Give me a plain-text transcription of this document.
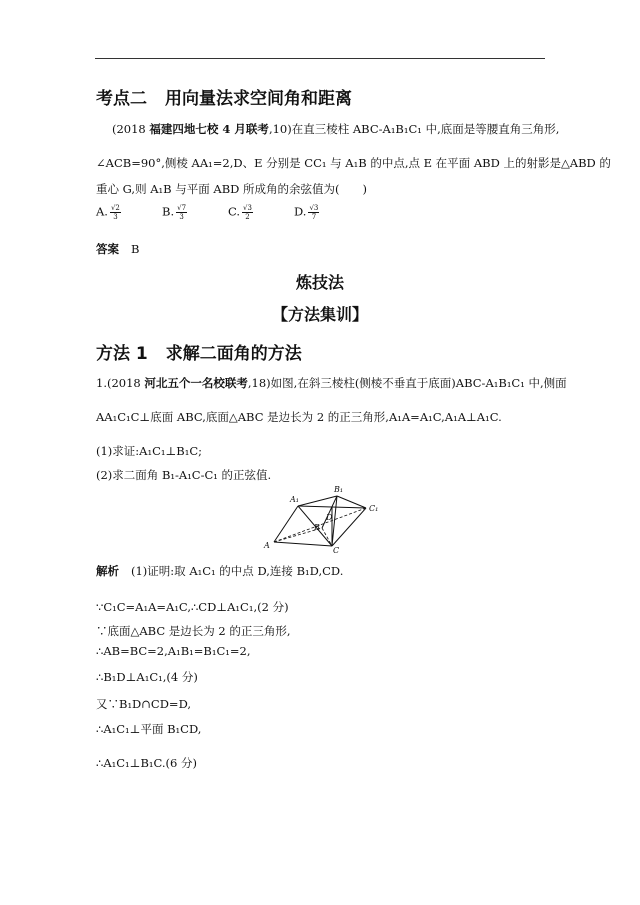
考点二 用向量法求空间角和距离
(2018 福建四地七校 4 月联考,10)在直三棱柱 ABC-A₁B₁C₁ 中,底面是等腰直角三角形,
∠ACB=90°,侧棱 AA₁=2,D、E 分别是 CC₁ 与 A₁B 的中点,点 E 在平面 ABD 上的射影是△ABD 的
重心 G,则 A₁B 与平面 ABD 所成角的余弦值为(　　)
A. $\frac{√2}{3}$	B. $\frac{√7}{3}$	C. $\frac{√3}{2}$	D. $\frac{√3}{7}$
答案 B
炼技法
【方法集训】
方法 1 求解二面角的方法
1.(2018 河北五个一名校联考,18)如图,在斜三棱柱(侧棱不垂直于底面)ABC-A₁B₁C₁ 中,侧面
AA₁C₁C⊥底面 ABC,底面△ABC 是边长为 2 的正三角形,A₁A=A₁C,A₁A⊥A₁C.
(1)求证:A₁C₁⊥B₁C;
(2)求二面角 B₁-A₁C-C₁ 的正弦值.
A
A₁
B₁
C₁
C
B
D
解析 (1)证明:取 A₁C₁ 的中点 D,连接 B₁D,CD.
∵C₁C=A₁A=A₁C,∴CD⊥A₁C₁,(2 分)
∵底面△ABC 是边长为 2 的正三角形,
∴AB=BC=2,A₁B₁=B₁C₁=2,
∴B₁D⊥A₁C₁,(4 分)
又∵B₁D∩CD=D,
∴A₁C₁⊥平面 B₁CD,
∴A₁C₁⊥B₁C.(6 分)
